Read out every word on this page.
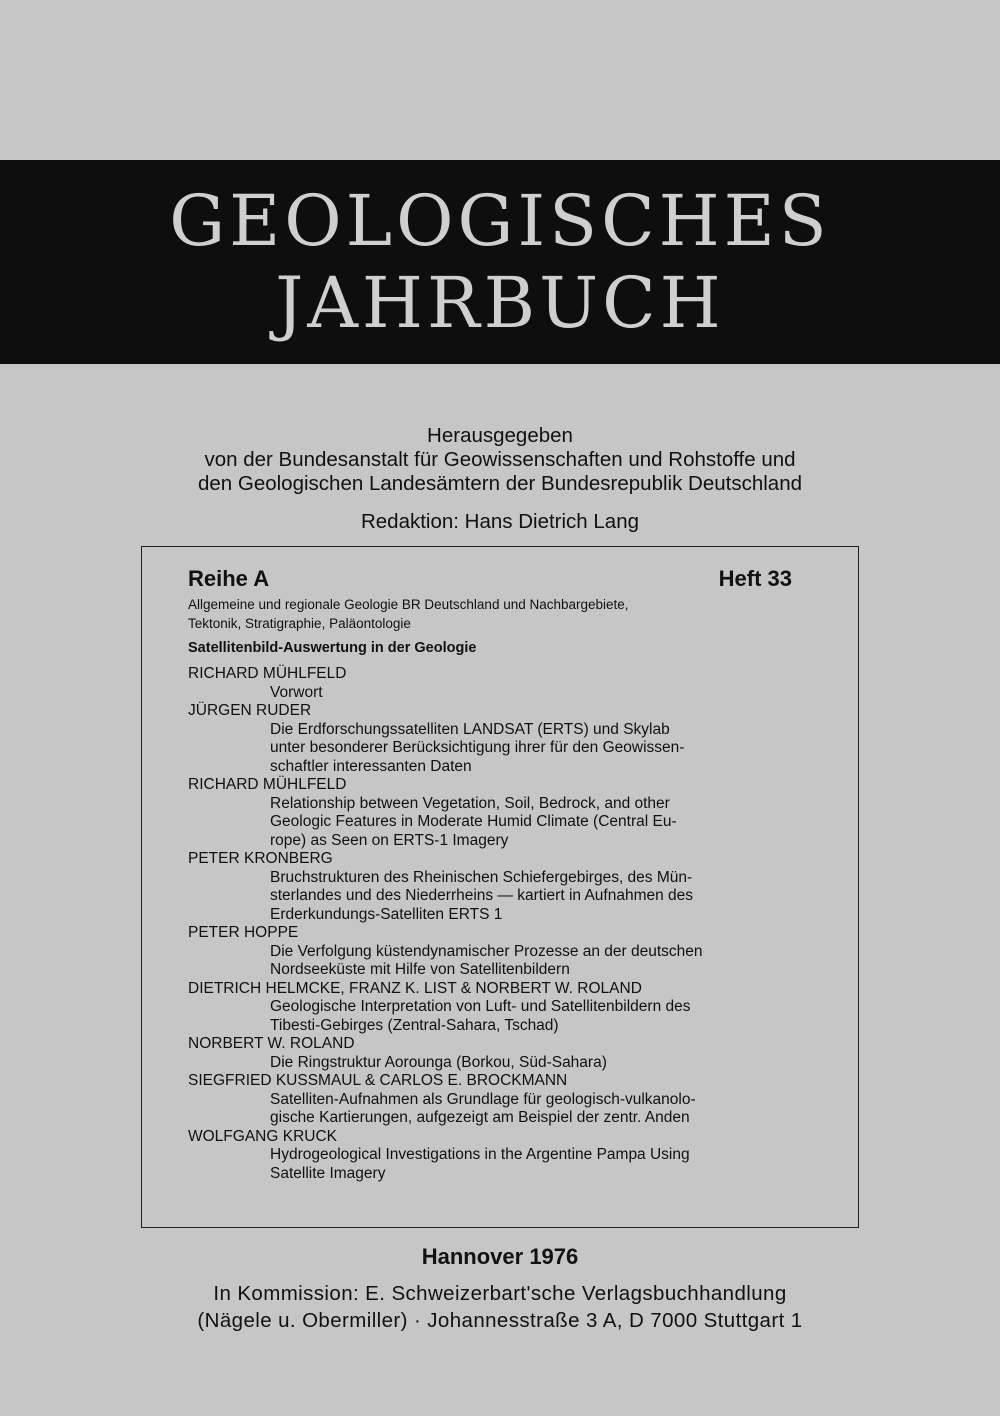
GEOLOGISCHES
JAHRBUCH
Herausgegeben
von der Bundesanstalt für Geowissenschaften und Rohstoffe und
den Geologischen Landesämtern der Bundesrepublik Deutschland
Redaktion: Hans Dietrich Lang
Reihe A	Heft 33
Allgemeine und regionale Geologie BR Deutschland und Nachbargebiete,
Tektonik, Stratigraphie, Paläontologie
Satellitenbild-Auswertung in der Geologie
RICHARD MÜHLFELD
Vorwort
JÜRGEN RUDER
Die Erdforschungssatelliten LANDSAT (ERTS) und Skylab
unter besonderer Berücksichtigung ihrer für den Geowissen-
schaftler interessanten Daten
RICHARD MÜHLFELD
Relationship between Vegetation, Soil, Bedrock, and other
Geologic Features in Moderate Humid Climate (Central Eu-
rope) as Seen on ERTS-1 Imagery
PETER KRONBERG
Bruchstrukturen des Rheinischen Schiefergebirges, des Mün-
sterlandes und des Niederrheins — kartiert in Aufnahmen des
Erderkundungs-Satelliten ERTS 1
PETER HOPPE
Die Verfolgung küstendynamischer Prozesse an der deutschen
Nordseeküste mit Hilfe von Satellitenbildern
DIETRICH HELMCKE, FRANZ K. LIST & NORBERT W. ROLAND
Geologische Interpretation von Luft- und Satellitenbildern des
Tibesti-Gebirges (Zentral-Sahara, Tschad)
NORBERT W. ROLAND
Die Ringstruktur Aorounga (Borkou, Süd-Sahara)
SIEGFRIED KUSSMAUL & CARLOS E. BROCKMANN
Satelliten-Aufnahmen als Grundlage für geologisch-vulkanolo-
gische Kartierungen, aufgezeigt am Beispiel der zentr. Anden
WOLFGANG KRUCK
Hydrogeological Investigations in the Argentine Pampa Using
Satellite Imagery
Hannover 1976
In Kommission: E. Schweizerbart'sche Verlagsbuchhandlung
(Nägele u. Obermiller) · Johannesstraße 3 A, D 7000 Stuttgart 1
